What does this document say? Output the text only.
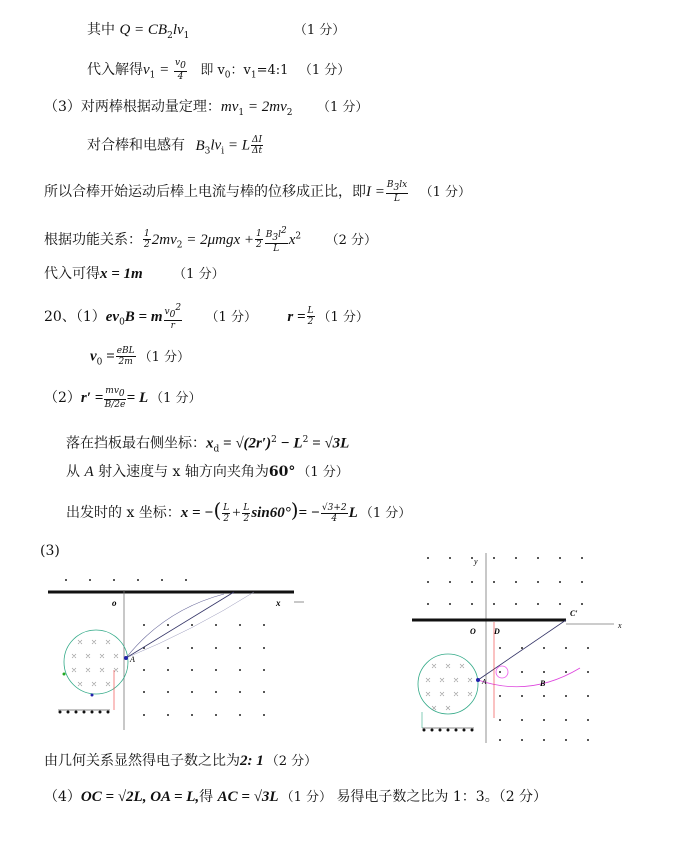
其中 $Q = CB_2lv_1$	（1 分）
代入解得$v_1 = \frac{v_0}{4}$ 即 $v_0$：$v_1=4:1$ （1 分）
（3）对两棒根据动量定理：$mv_1 = 2mv_2$ （1 分）
对合棒和电感有 $B_3lv_i = L \frac{\Delta I}{\Delta t}$
所以合棒开始运动后棒上电流与棒的位移成正比，即$I = \frac{B_3lx}{L} (1$ 分）
根据功能关系： $\frac{1}{2} 2mv_2 = 2\mu mgx + \frac{1}{2} \frac{B_3l^2}{L} x^2$ （2 分）
代入可得x = 1m （1 分）
20、$(1)ev_0B = m \frac{v_0^2}{r} (1$ 分） $r = \frac{L}{2} (1$ 分）
$v_0 = \frac{\text{eBL}}{2m} (1$ 分）
$(2)r' = \frac{mv_0}{B/2e} = L$ （1 分）
落在挡板最右侧坐标：$x_d = √(2r')^2 - L^2 = √3L$
从 A 射入速度与 x 轴方向夹角为60° （1 分）
出发时的 x 坐标：x = −( $\frac{L}{2} + \frac{L}{2} \sin 60^\circ)= - \frac{√3+2}{4}$ L （1 分）
(3)
o	x
A
y
x
O D
C′
A	B
由几何关系显然得电子数之比为2: 1 （2 分）
（4）OC = √2L, OA = L,得 AC = √3L （1 分） 易得电子数之比为 1：3。（2 分）
